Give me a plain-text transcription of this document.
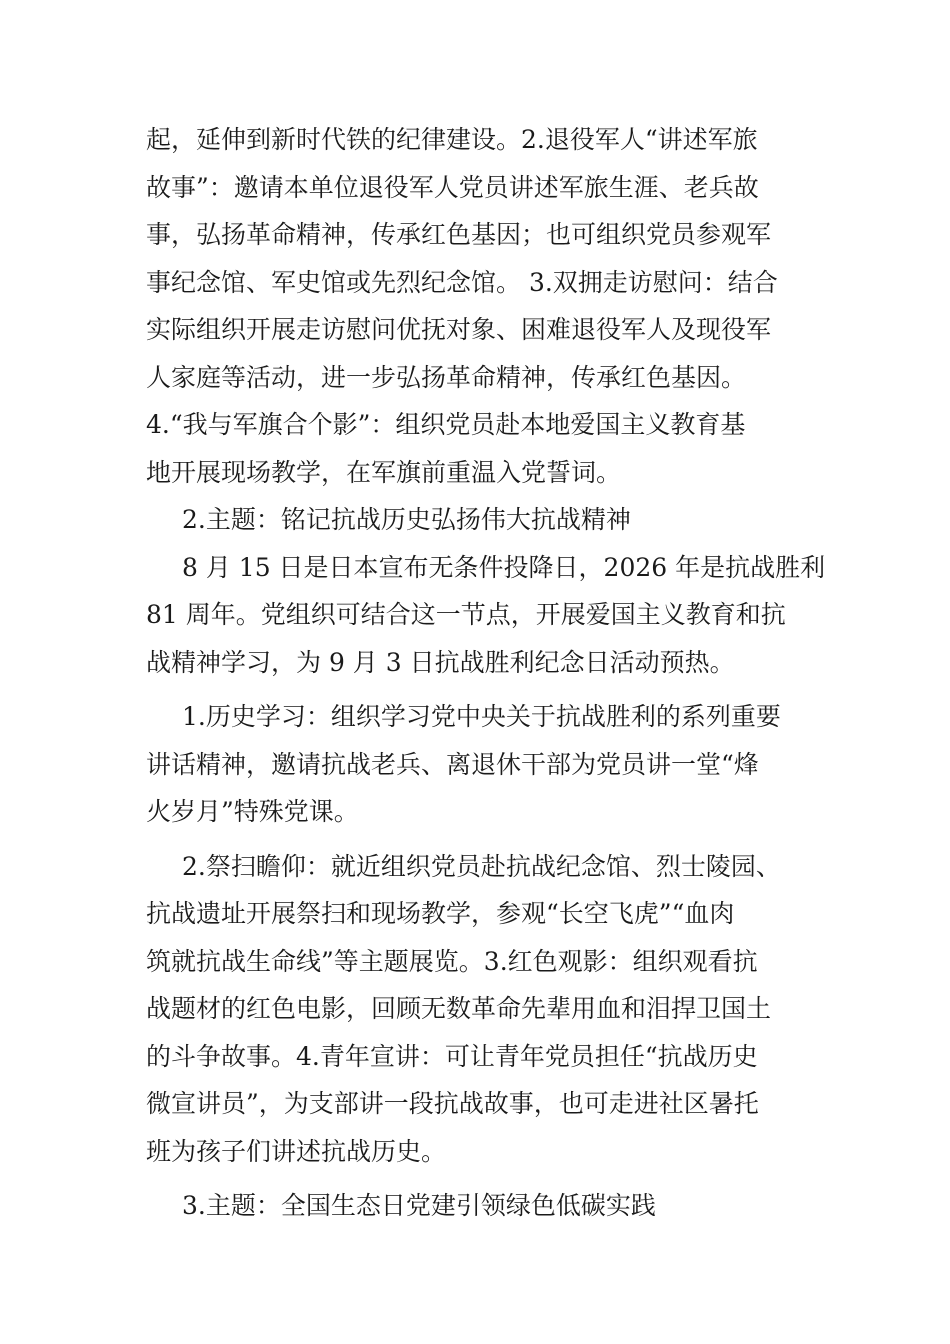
起，延伸到新时代铁的纪律建设。2.退役军人“讲述军旅
故事”：邀请本单位退役军人党员讲述军旅生涯、老兵故
事，弘扬革命精神，传承红色基因；也可组织党员参观军
事纪念馆、军史馆或先烈纪念馆。 3.双拥走访慰问：结合
实际组织开展走访慰问优抚对象、困难退役军人及现役军
人家庭等活动，进一步弘扬革命精神，传承红色基因。
4.“我与军旗合个影”：组织党员赴本地爱国主义教育基
地开展现场教学，在军旗前重温入党誓词。
2.主题：铭记抗战历史弘扬伟大抗战精神
8 月 15 日是日本宣布无条件投降日，2026 年是抗战胜利
81 周年。党组织可结合这一节点，开展爱国主义教育和抗
战精神学习，为 9 月 3 日抗战胜利纪念日活动预热。
1.历史学习：组织学习党中央关于抗战胜利的系列重要
讲话精神，邀请抗战老兵、离退休干部为党员讲一堂“烽
火岁月”特殊党课。
2.祭扫瞻仰：就近组织党员赴抗战纪念馆、烈士陵园、
抗战遗址开展祭扫和现场教学，参观“长空飞虎”“血肉
筑就抗战生命线”等主题展览。3.红色观影：组织观看抗
战题材的红色电影，回顾无数革命先辈用血和泪捍卫国土
的斗争故事。4.青年宣讲：可让青年党员担任“抗战历史
微宣讲员”，为支部讲一段抗战故事，也可走进社区暑托
班为孩子们讲述抗战历史。
3.主题：全国生态日党建引领绿色低碳实践
